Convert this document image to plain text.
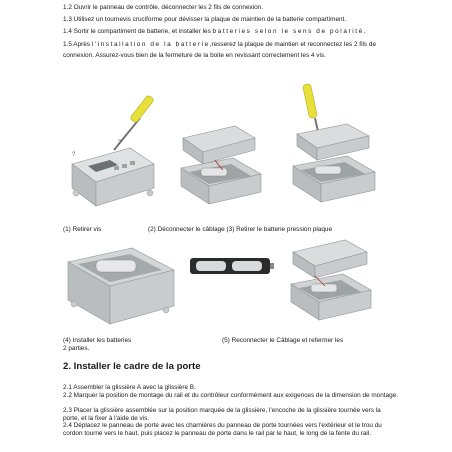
1.2 Ouvrir le panneau de contrôle, déconnecter les 2 fils de connexion.
1.3 Utilisez un tournevis cruciforme pour dévisser la plaque de maintien de la batterie compartiment.
1.4 Sortir le compartiment de batterie, et installer les batteries selon le sens de polarité.
1.5 Après l'installation de la batterie,resserez la plaque de maintien et reconnectez les 2 fils de
connexion. Assurez-vous bien de la fermeture de la boite en revissant correctement les 4 vis.
?
?
(1) Retirer vis	(2) Déconnecter le câblage (3) Retirer le batterie pression plaque
(4) Installer les batteries	(5) Reconnecter le Câblage et refermer les
2 parties.
2. Installer le cadre de la porte
2.1 Assembler la glissière A avec la glissière B.
2.2 Marquer la position de montage du rail et du contrôleur conformément aux exigences de la dimension de montage.
2.3 Placer la glissière assemblée sur la position marquée de la glissière, l'encoche de la glissière tournée vers la porte, et la fixer à l'aide de vis.
2.4 Déplacez le panneau de porte avec les charnières du panneau de porte tournées vers l'extérieur et le trou du cordon tourné vers le haut, puis placez le panneau de porte dans le rail par le haut, le long de la fente du rail.
